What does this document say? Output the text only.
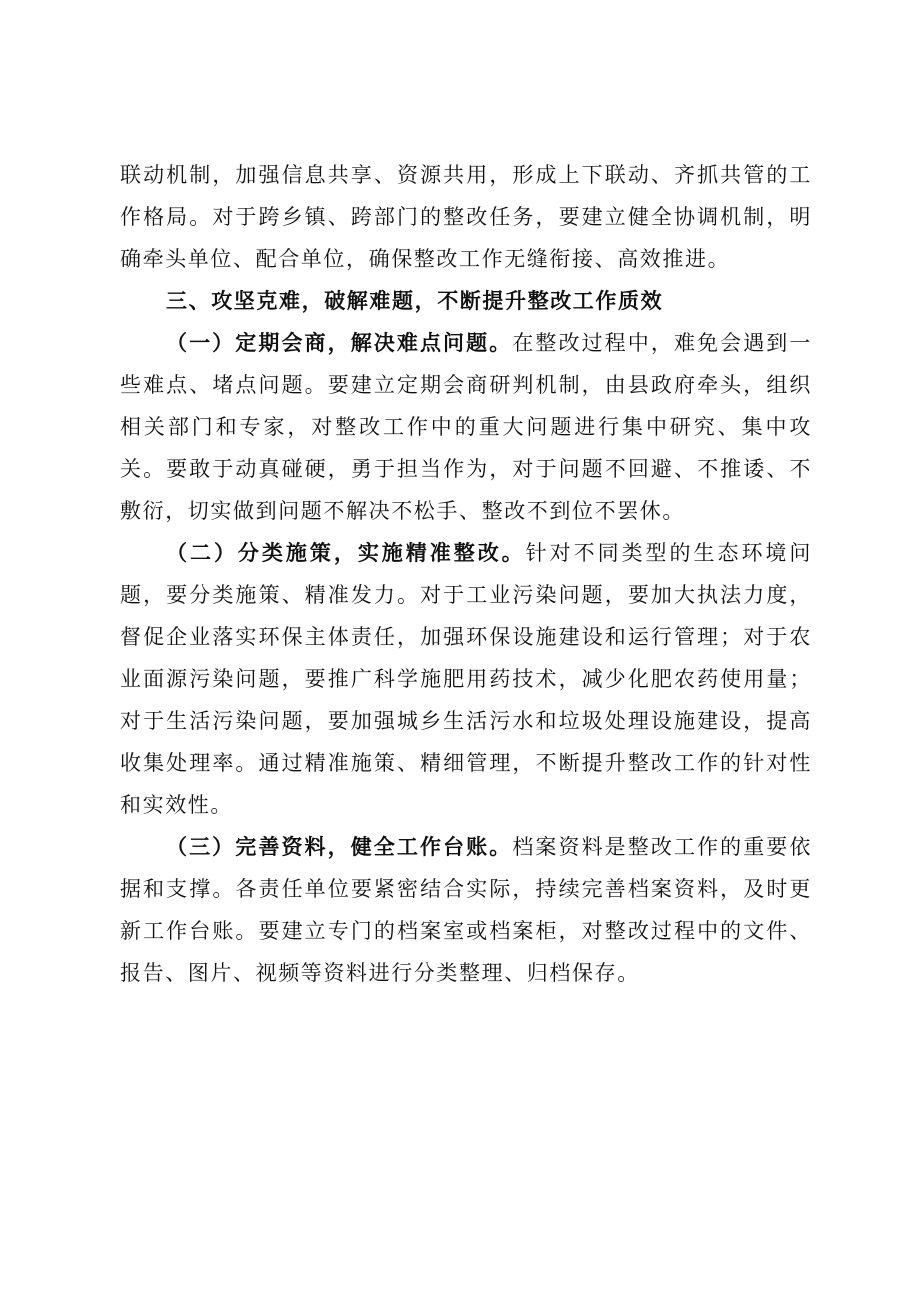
联动机制，加强信息共享、资源共用，形成上下联动、齐抓共管的工作格局。对于跨乡镇、跨部门的整改任务，要建立健全协调机制，明确牵头单位、配合单位，确保整改工作无缝衔接、高效推进。

三、攻坚克难，破解难题，不断提升整改工作质效

（一）定期会商，解决难点问题。在整改过程中，难免会遇到一些难点、堵点问题。要建立定期会商研判机制，由县政府牵头，组织相关部门和专家，对整改工作中的重大问题进行集中研究、集中攻关。要敢于动真碰硬，勇于担当作为，对于问题不回避、不推诿、不敷衍，切实做到问题不解决不松手、整改不到位不罢休。

（二）分类施策，实施精准整改。针对不同类型的生态环境问题，要分类施策、精准发力。对于工业污染问题，要加大执法力度，督促企业落实环保主体责任，加强环保设施建设和运行管理；对于农业面源污染问题，要推广科学施肥用药技术，减少化肥农药使用量；对于生活污染问题，要加强城乡生活污水和垃圾处理设施建设，提高收集处理率。通过精准施策、精细管理，不断提升整改工作的针对性和实效性。

（三）完善资料，健全工作台账。档案资料是整改工作的重要依据和支撑。各责任单位要紧密结合实际，持续完善档案资料，及时更新工作台账。要建立专门的档案室或档案柜，对整改过程中的文件、报告、图片、视频等资料进行分类整理、归档保存。
